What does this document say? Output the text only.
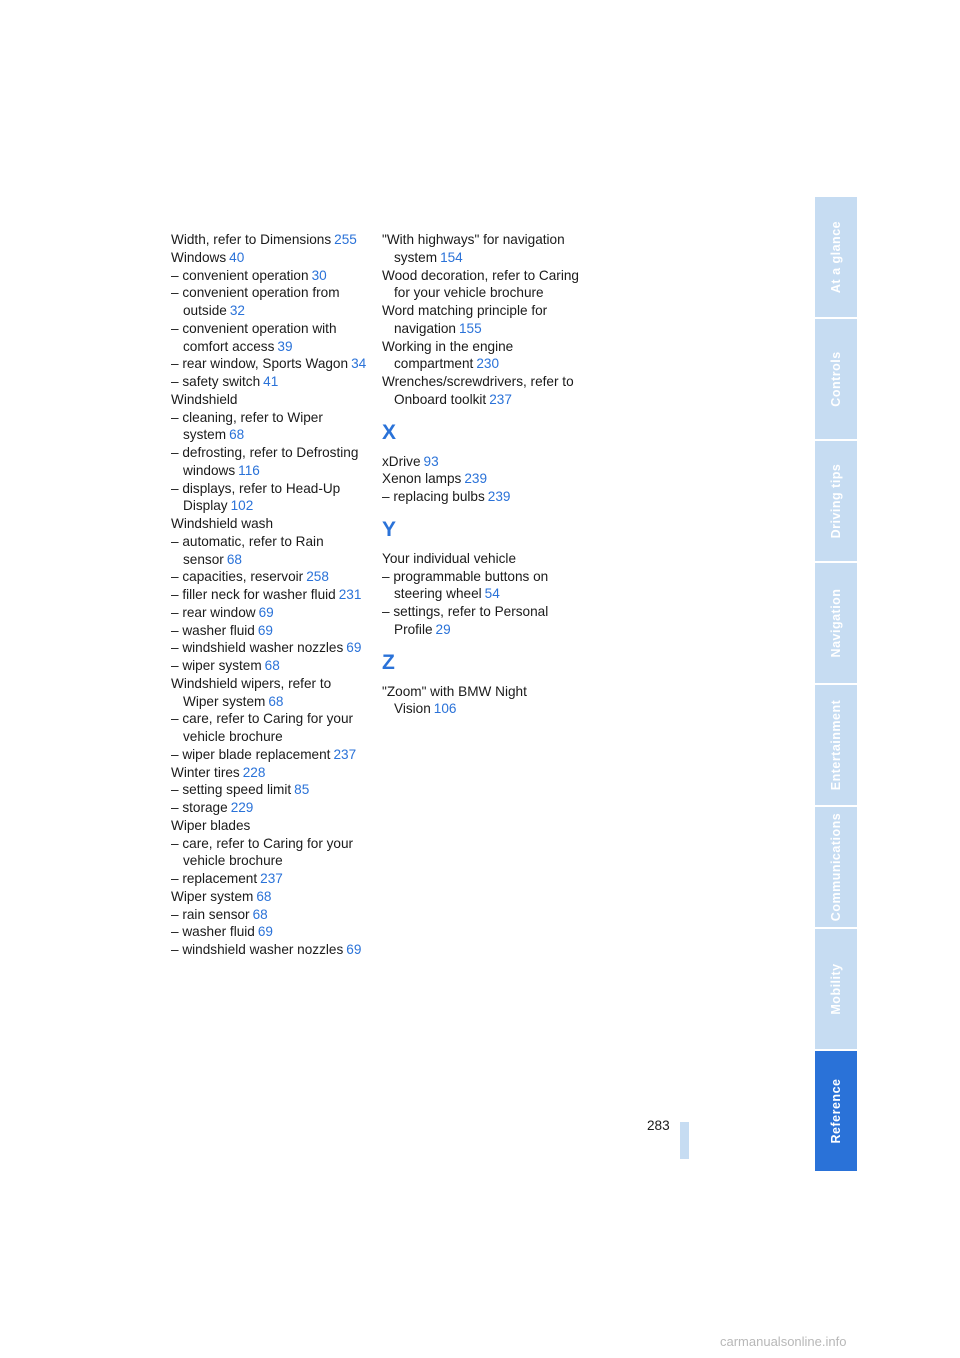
Width, refer to Dimensions 255

Windows 40

– convenient operation 30

– convenient operation from outside 32

– convenient operation with comfort access 39

– rear window, Sports Wagon 34

– safety switch 41

Windshield

– cleaning, refer to Wiper system 68

– defrosting, refer to Defrosting windows 116

– displays, refer to Head-Up Display 102

Windshield wash

– automatic, refer to Rain sensor 68

– capacities, reservoir 258

– filler neck for washer fluid 231

– rear window 69

– washer fluid 69

– windshield washer nozzles 69

– wiper system 68

Windshield wipers, refer to Wiper system 68

– care, refer to Caring for your vehicle brochure

– wiper blade replacement 237

Winter tires 228

– setting speed limit 85

– storage 229

Wiper blades

– care, refer to Caring for your vehicle brochure

– replacement 237

Wiper system 68

– rain sensor 68

– washer fluid 69

– windshield washer nozzles 69

"With highways" for navigation system 154

Wood decoration, refer to Caring for your vehicle brochure

Word matching principle for navigation 155

Working in the engine compartment 230

Wrenches/screwdrivers, refer to Onboard toolkit 237

X

xDrive 93

Xenon lamps 239

– replacing bulbs 239

Y

Your individual vehicle

– programmable buttons on steering wheel 54

– settings, refer to Personal Profile 29

Z

"Zoom" with BMW Night Vision 106

283
At a glance
Controls
Driving tips
Navigation
Entertainment
Communications
Mobility
Reference
carmanualsonline.info
